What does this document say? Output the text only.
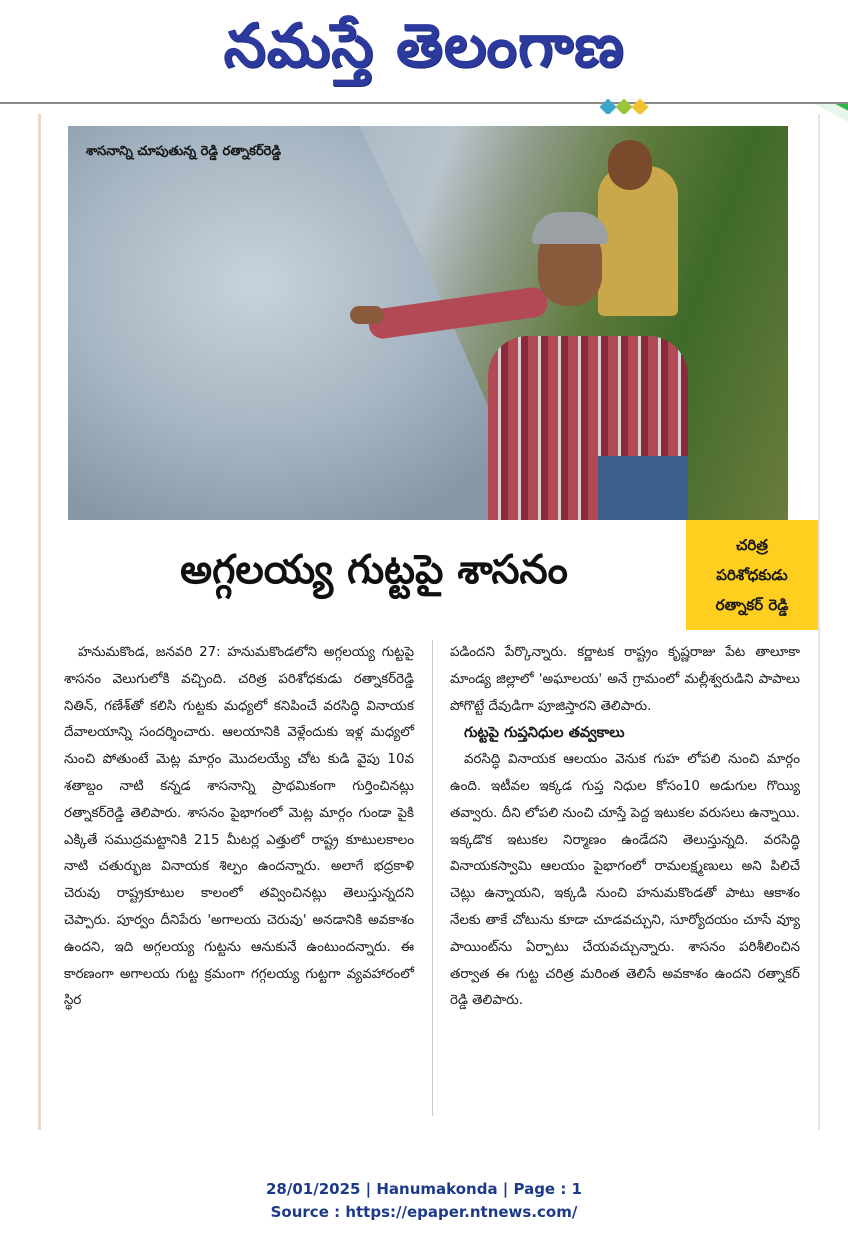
నమస్తే తెలంగాణ
శాసనాన్ని చూపుతున్న రెడ్డి రత్నాకర్‌రెడ్డి
అగ్గలయ్య గుట్టపై శాసనం
చరిత్ర
పరిశోధకుడు
రత్నాకర్ రెడ్డి

హనుమకొండ, జనవరి 27: హనుమకొండలోని అగ్గలయ్య గుట్టపై శాసనం వెలుగులోకి వచ్చింది. చరిత్ర పరిశోధకుడు రత్నాకర్‌రెడ్డి నితిన్, గణేశ్‌తో కలిసి గుట్టకు మధ్యలో కనిపించే వరసిద్ధి వినాయక దేవాలయాన్ని సందర్శించారు. ఆలయానికి వెళ్లేందుకు ఇళ్ల మధ్యలో నుంచి పోతుంటే మెట్ల మార్గం మొదలయ్యే చోట కుడి వైపు 10వ శతాబ్దం నాటి కన్నడ శాసనాన్ని ప్రాథమికంగా గుర్తించినట్లు రత్నాకర్‌రెడ్డి తెలిపారు. శాసనం పైభాగంలో మెట్ల మార్గం గుండా పైకి ఎక్కితే సముద్రమట్టానికి 215 మీటర్ల ఎత్తులో రాష్ట్ర కూటులకాలం నాటి చతుర్భుజ వినాయక శిల్పం ఉందన్నారు. అలాగే భద్రకాళి చెరువు రాష్ట్రకూటుల కాలంలో తవ్వించినట్లు తెలుస్తున్నదని చెప్పారు. పూర్వం దీనిపేరు 'అగాలయ చెరువు' అనడానికి అవకాశం ఉందని, ఇది అగ్గలయ్య గుట్టను ఆనుకునే ఉంటుందన్నారు. ఈ కారణంగా అగాలయ గుట్ట క్రమంగా గగ్గలయ్య గుట్టగా వ్యవహారంలో స్థిర

పడిందని పేర్కొన్నారు. కర్ణాటక రాష్ట్రం కృష్ణరాజు పేట తాలూకా మాండ్య జిల్లాలో 'అఘాలయ' అనే గ్రామంలో మల్లీశ్వరుడిని పాపాలు పోగొట్టే దేవుడిగా పూజిస్తారని తెలిపారు.

గుట్టపై గుప్తనిధుల తవ్వకాలు

వరసిద్ధి వినాయక ఆలయం వెనుక గుహ లోపలి నుంచి మార్గం ఉంది. ఇటీవల ఇక్కడ గుప్త నిధుల కోసం10 అడుగుల గొయ్యి తవ్వారు. దీని లోపలి నుంచి చూస్తే పెద్ద ఇటుకల వరుసలు ఉన్నాయి. ఇక్కడొక ఇటుకల నిర్మాణం ఉండేదని తెలుస్తున్నది. వరసిద్ధి వినాయకస్వామి ఆలయం పైభాగంలో రామలక్ష్మణులు అని పిలిచే చెట్లు ఉన్నాయని, ఇక్కడి నుంచి హనుమకొండతో పాటు ఆకాశం నేలకు తాకే చోటును కూడా చూడవచ్చుని, సూర్యోదయం చూసే వ్యూ పాయింట్‌ను ఏర్పాటు చేయవచ్చున్నారు. శాసనం పరిశీలించిన తర్వాత ఈ గుట్ట చరిత్ర మరింత తెలిసే అవకాశం ఉందని రత్నాకర్ రెడ్డి తెలిపారు.

28/01/2025 | Hanumakonda | Page : 1
Source : https://epaper.ntnews.com/
